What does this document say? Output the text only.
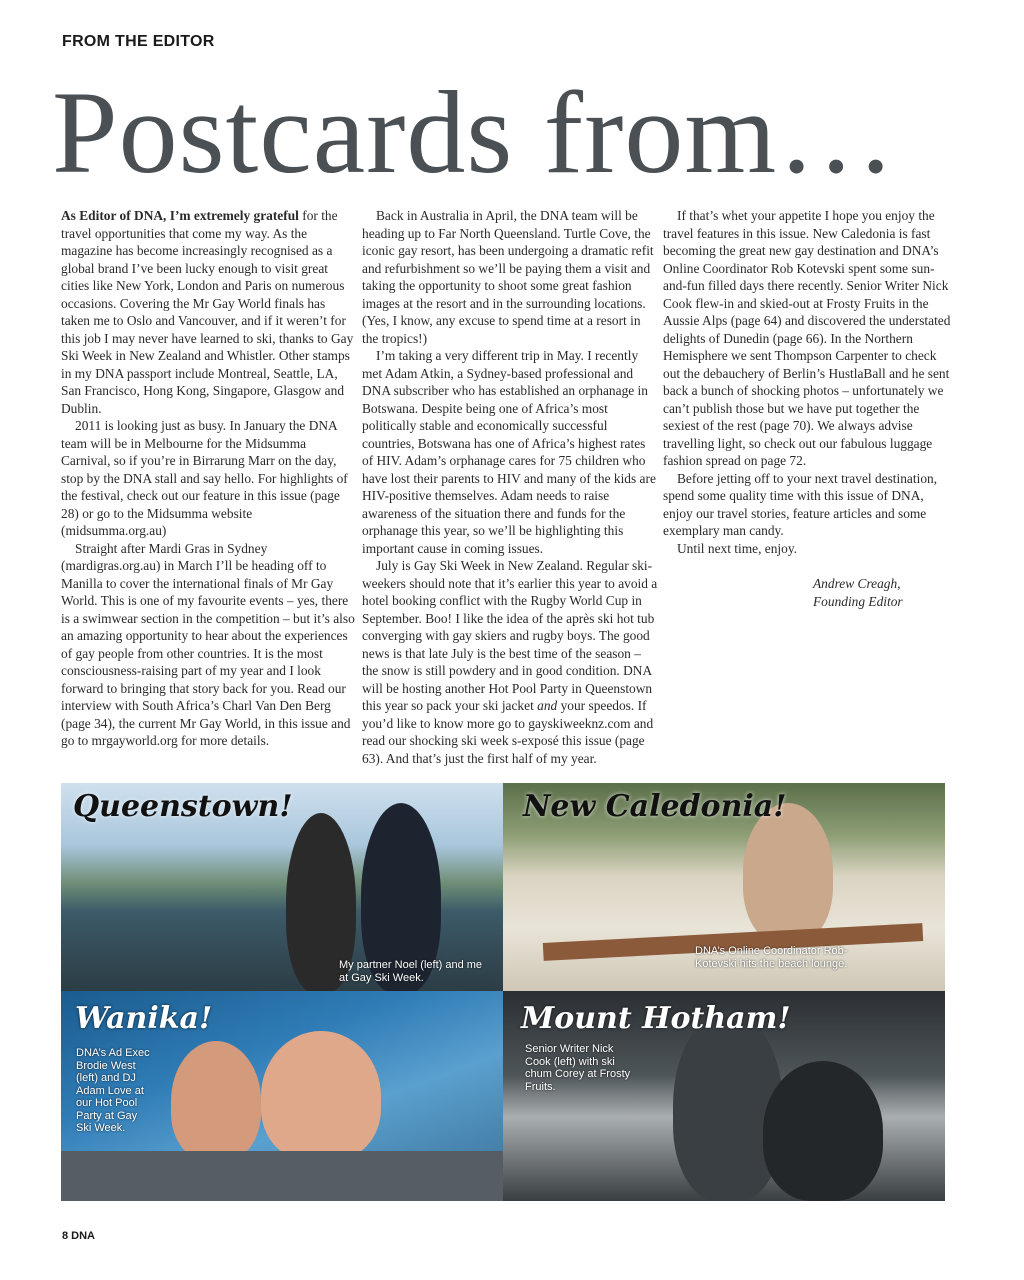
FROM THE EDITOR
Postcards from…

As Editor of DNA, I’m extremely grateful for the travel opportunities that come my way. As the magazine has become increasingly recognised as a global brand I’ve been lucky enough to visit great cities like New York, London and Paris on numerous occasions. Covering the Mr Gay World finals has taken me to Oslo and Vancouver, and if it weren’t for this job I may never have learned to ski, thanks to Gay Ski Week in New Zealand and Whistler. Other stamps in my DNA passport include Montreal, Seattle, LA, San Francisco, Hong Kong, Singapore, Glasgow and Dublin.

2011 is looking just as busy. In January the DNA team will be in Melbourne for the Midsumma Carnival, so if you’re in Birrarung Marr on the day, stop by the DNA stall and say hello. For highlights of the festival, check out our feature in this issue (page 28) or go to the Midsumma website (midsumma.org.au)

Straight after Mardi Gras in Sydney (mardigras.org.au) in March I’ll be heading off to Manilla to cover the international finals of Mr Gay World. This is one of my favourite events – yes, there is a swimwear section in the competition – but it’s also an amazing opportunity to hear about the experiences of gay people from other countries. It is the most consciousness-raising part of my year and I look forward to bringing that story back for you. Read our interview with South Africa’s Charl Van Den Berg (page 34), the current Mr Gay World, in this issue and go to mrgayworld.org for more details.

Back in Australia in April, the DNA team will be heading up to Far North Queensland. Turtle Cove, the iconic gay resort, has been undergoing a dramatic refit and refurbishment so we’ll be paying them a visit and taking the opportunity to shoot some great fashion images at the resort and in the surrounding locations. (Yes, I know, any excuse to spend time at a resort in the tropics!)

I’m taking a very different trip in May. I recently met Adam Atkin, a Sydney-based professional and DNA subscriber who has established an orphanage in Botswana. Despite being one of Africa’s most politically stable and economically successful countries, Botswana has one of Africa’s highest rates of HIV. Adam’s orphanage cares for 75 children who have lost their parents to HIV and many of the kids are HIV-positive themselves. Adam needs to raise awareness of the situation there and funds for the orphanage this year, so we’ll be highlighting this important cause in coming issues.

July is Gay Ski Week in New Zealand. Regular ski-weekers should note that it’s earlier this year to avoid a hotel booking conflict with the Rugby World Cup in September. Boo! I like the idea of the après ski hot tub converging with gay skiers and rugby boys. The good news is that late July is the best time of the season – the snow is still powdery and in good condition. DNA will be hosting another Hot Pool Party in Queenstown this year so pack your ski jacket and your speedos. If you’d like to know more go to gayskiweeknz.com and read our shocking ski week s-exposé this issue (page 63). And that’s just the first half of my year.

If that’s whet your appetite I hope you enjoy the travel features in this issue. New Caledonia is fast becoming the great new gay destination and DNA’s Online Coordinator Rob Kotevski spent some sun-and-fun filled days there recently. Senior Writer Nick Cook flew-in and skied-out at Frosty Fruits in the Aussie Alps (page 64) and discovered the understated delights of Dunedin (page 66). In the Northern Hemisphere we sent Thompson Carpenter to check out the debauchery of Berlin’s HustlaBall and he sent back a bunch of shocking photos – unfortunately we can’t publish those but we have put together the sexiest of the rest (page 70). We always advise travelling light, so check out our fabulous luggage fashion spread on page 72.

Before jetting off to your next travel destination, spend some quality time with this issue of DNA, enjoy our travel stories, feature articles and some exemplary man candy.

Until next time, enjoy.

Andrew Creagh,
Founding Editor
Queenstown!
My partner Noel (left) and me at Gay Ski Week.
New Caledonia!
DNA’s Online Coordinator Rob-Kotevski hits the beach lounge.
Wanika!
DNA’s Ad Exec Brodie West (left) and DJ Adam Love at our Hot Pool Party at Gay Ski Week.
Mount Hotham!
Senior Writer Nick Cook (left) with ski chum Corey at Frosty Fruits.
8 DNA
